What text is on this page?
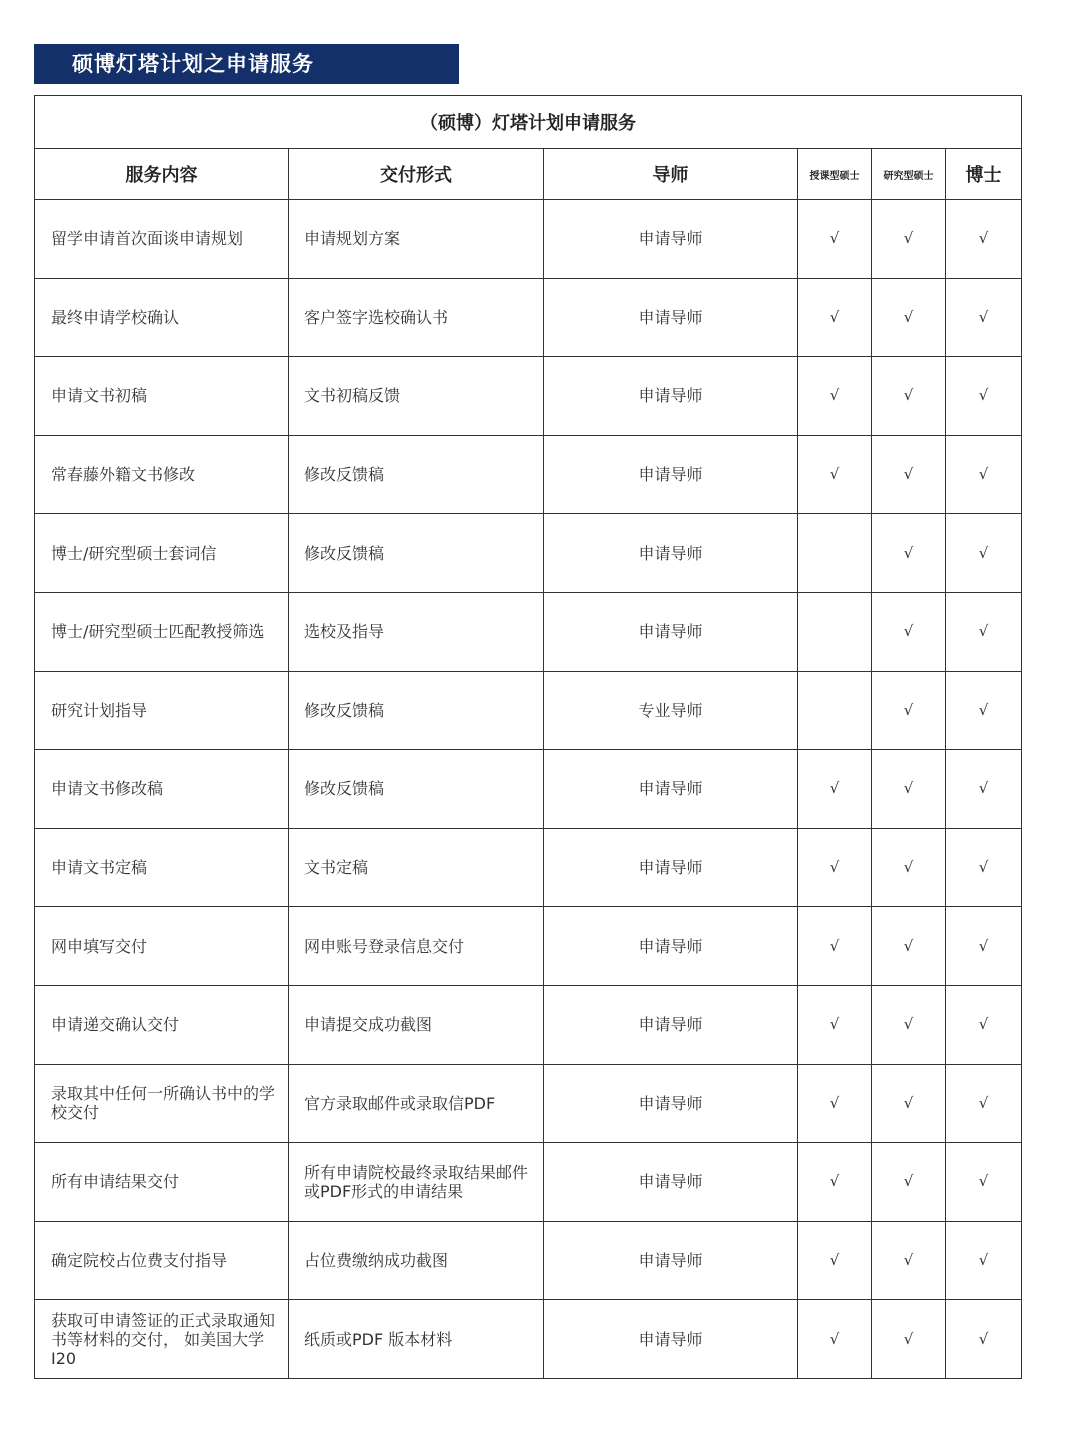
硕博灯塔计划之申请服务
（硕博）灯塔计划申请服务					
服务内容	交付形式	导师	授课型硕士	研究型硕士	博士
留学申请首次面谈申请规划	申请规划方案	申请导师	√	√	√
最终申请学校确认	客户签字选校确认书	申请导师	√	√	√
申请文书初稿	文书初稿反馈	申请导师	√	√	√
常春藤外籍文书修改	修改反馈稿	申请导师	√	√	√
博士/研究型硕士套词信	修改反馈稿	申请导师		√	√
博士/研究型硕士匹配教授筛选	选校及指导	申请导师		√	√
研究计划指导	修改反馈稿	专业导师		√	√
申请文书修改稿	修改反馈稿	申请导师	√	√	√
申请文书定稿	文书定稿	申请导师	√	√	√
网申填写交付	网申账号登录信息交付	申请导师	√	√	√
申请递交确认交付	申请提交成功截图	申请导师	√	√	√
录取其中任何一所确认书中的学校交付	官方录取邮件或录取信PDF	申请导师	√	√	√
所有申请结果交付	所有申请院校最终录取结果邮件或PDF形式的申请结果	申请导师	√	√	√
确定院校占位费支付指导	占位费缴纳成功截图	申请导师	√	√	√
获取可申请签证的正式录取通知书等材料的交付， 如美国大学I20	纸质或PDF 版本材料	申请导师	√	√	√
